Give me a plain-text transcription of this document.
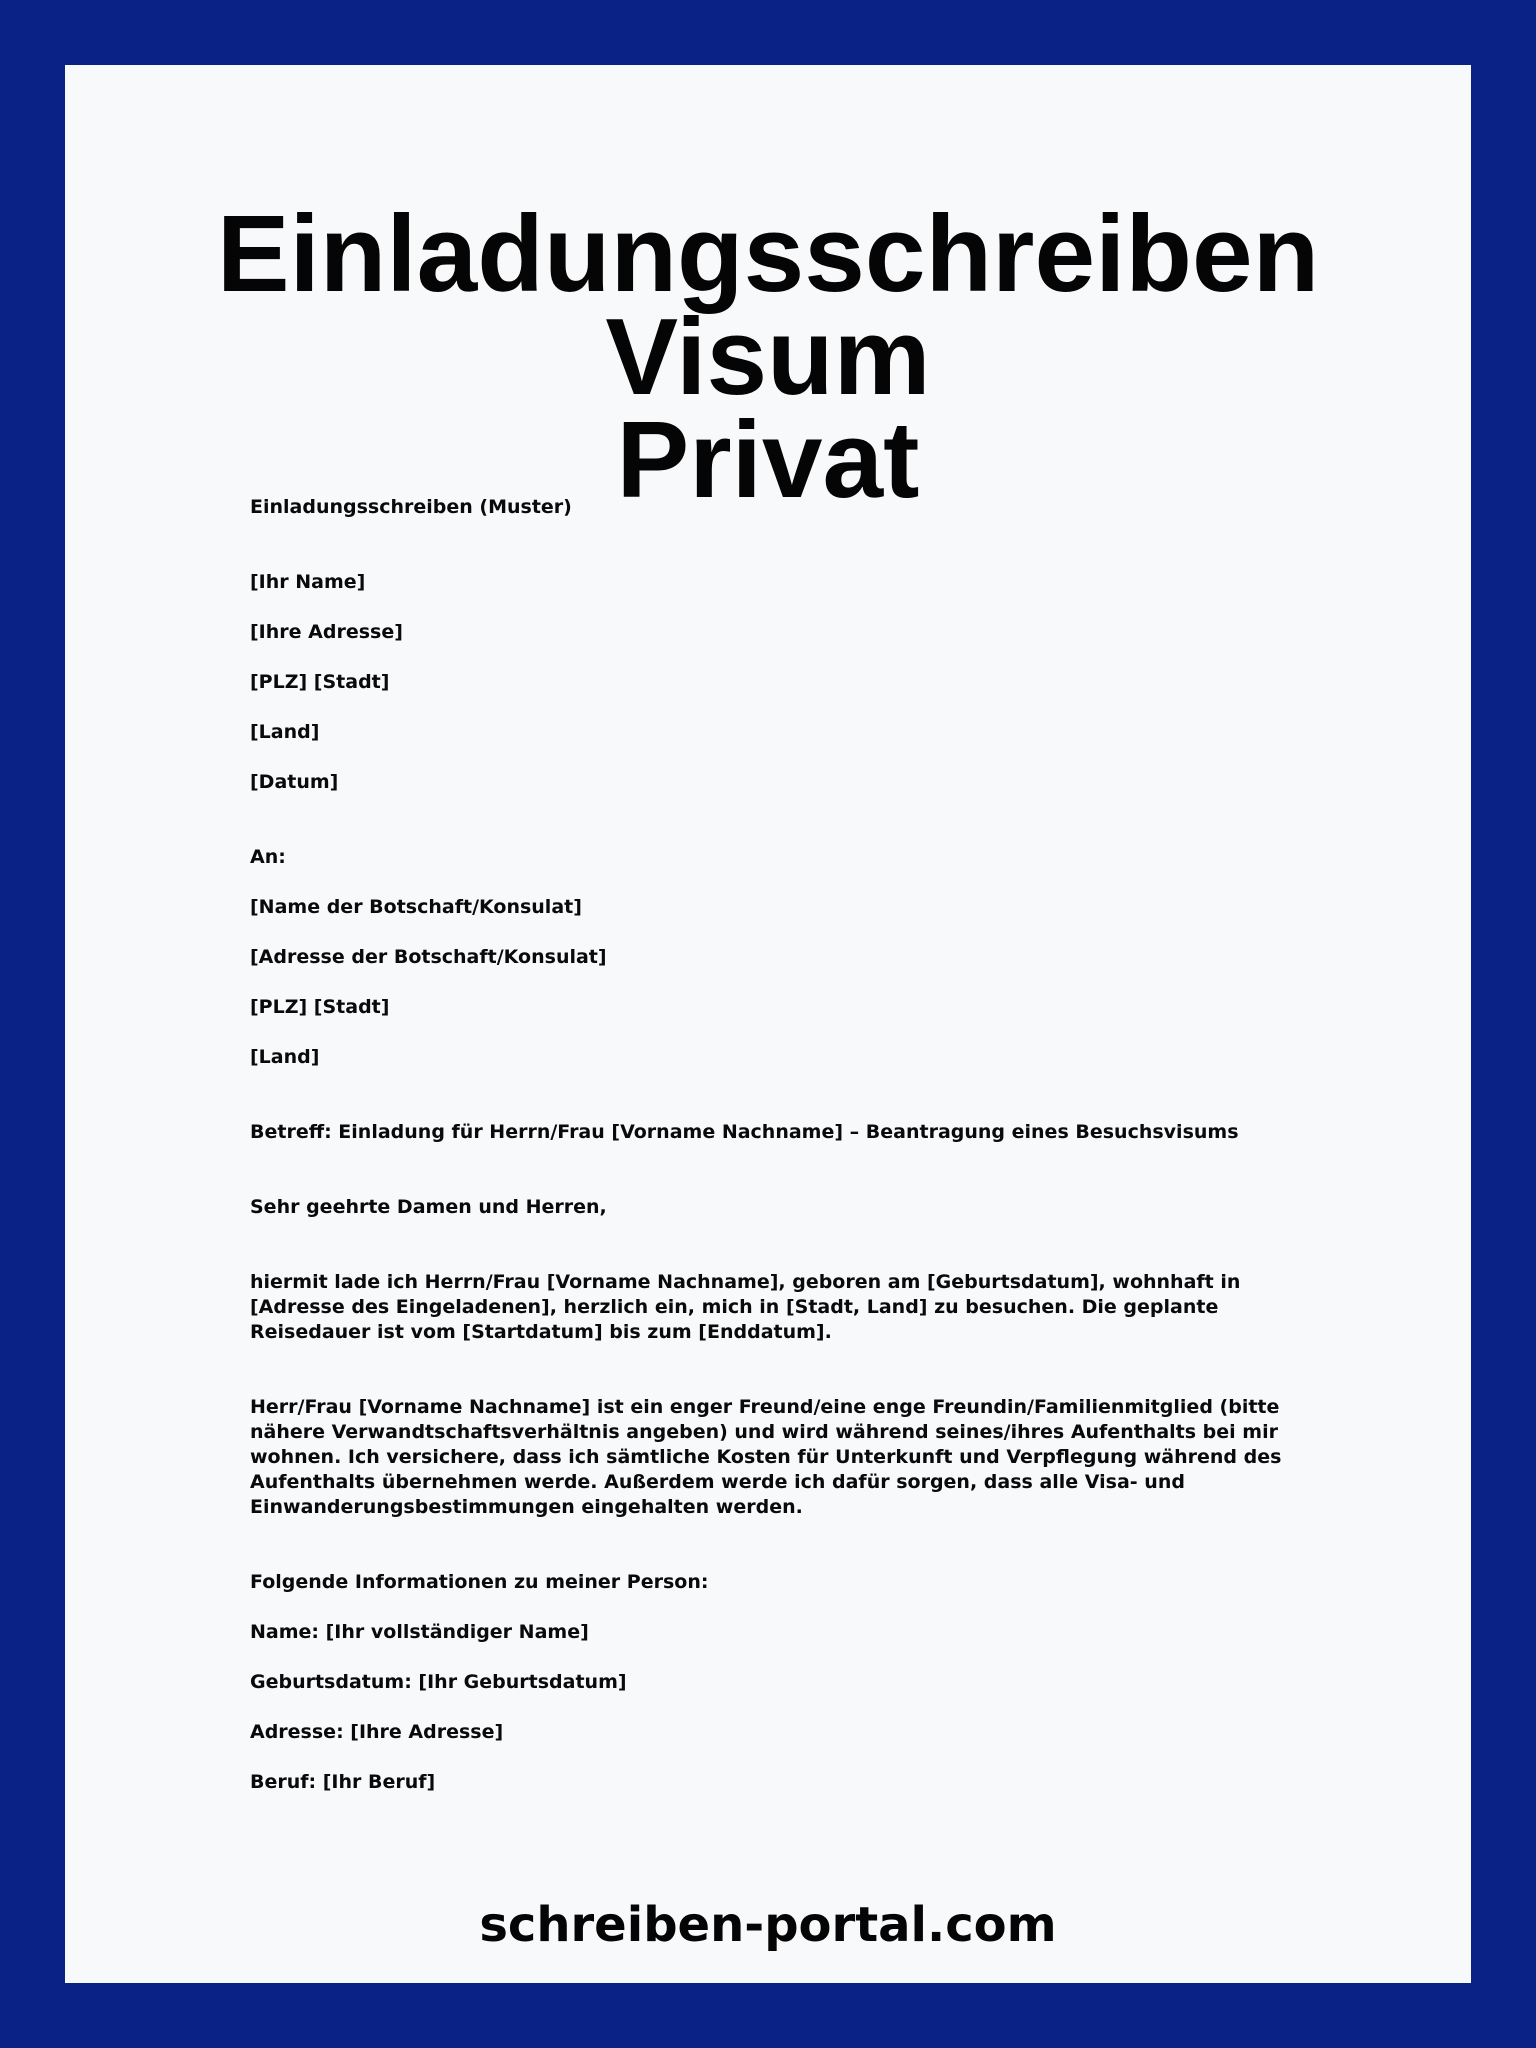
Einladungsschreiben Visum
Privat

Einladungsschreiben (Muster)

[Ihr Name]

[Ihre Adresse]

[PLZ] [Stadt]

[Land]

[Datum]

An:

[Name der Botschaft/Konsulat]

[Adresse der Botschaft/Konsulat]

[PLZ] [Stadt]

[Land]

Betreff: Einladung für Herrn/Frau [Vorname Nachname] – Beantragung eines Besuchsvisums

Sehr geehrte Damen und Herren,

hiermit lade ich Herrn/Frau [Vorname Nachname], geboren am [Geburtsdatum], wohnhaft in [Adresse des Eingeladenen], herzlich ein, mich in [Stadt, Land] zu besuchen. Die geplante Reisedauer ist vom [Startdatum] bis zum [Enddatum].

Herr/Frau [Vorname Nachname] ist ein enger Freund/eine enge Freundin/Familienmitglied (bitte nähere Verwandtschaftsverhältnis angeben) und wird während seines/ihres Aufenthalts bei mir wohnen. Ich versichere, dass ich sämtliche Kosten für Unterkunft und Verpflegung während des Aufenthalts übernehmen werde. Außerdem werde ich dafür sorgen, dass alle Visa- und Einwanderungsbestimmungen eingehalten werden.

Folgende Informationen zu meiner Person:

Name: [Ihr vollständiger Name]

Geburtsdatum: [Ihr Geburtsdatum]

Adresse: [Ihre Adresse]

Beruf: [Ihr Beruf]

schreiben-portal.com
